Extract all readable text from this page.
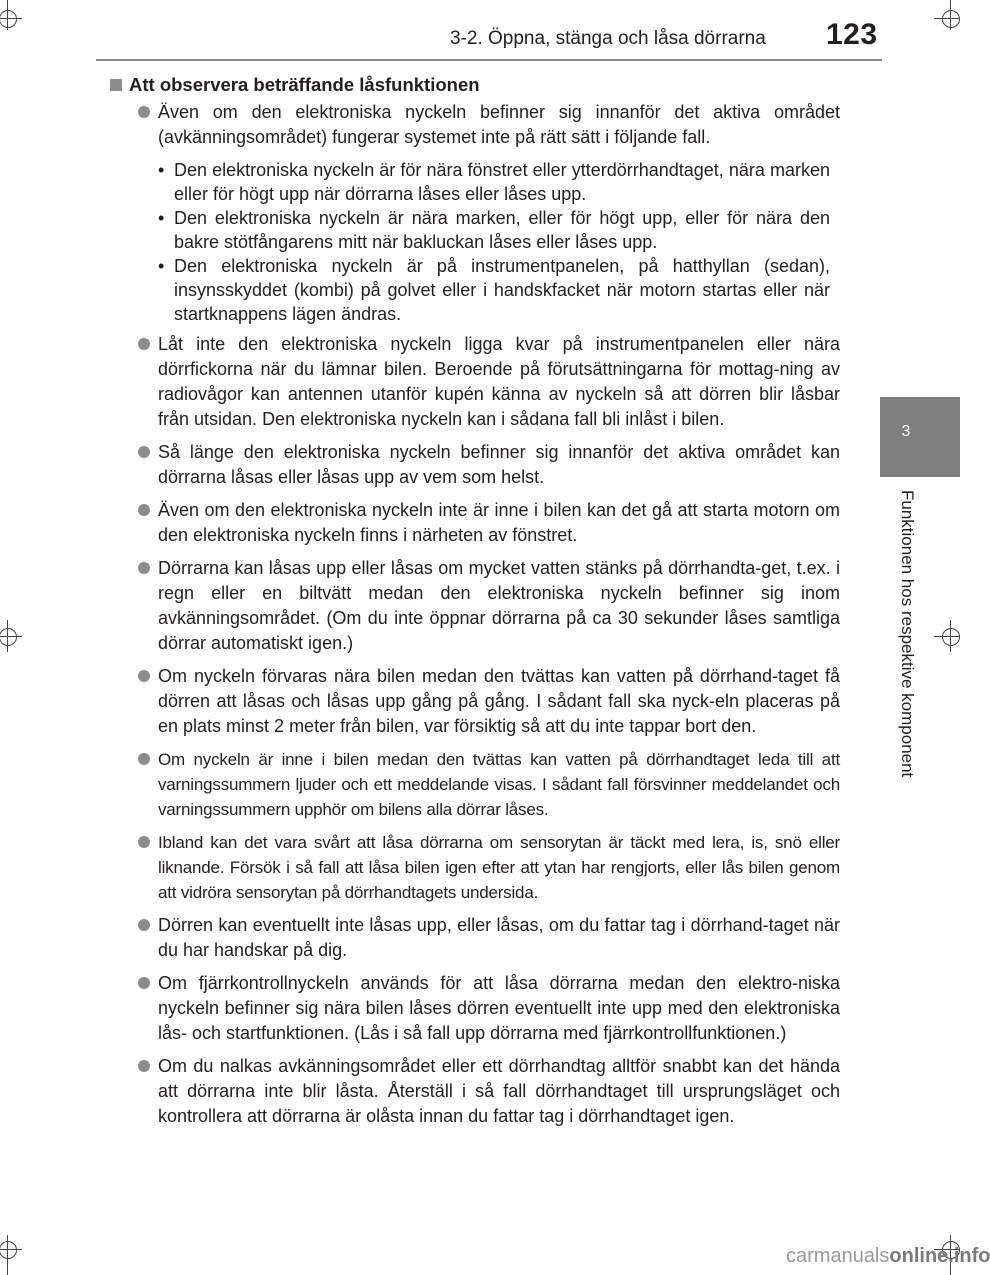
3-2. Öppna, stänga och låsa dörrarna 123
3
Funktionen hos respektive komponent
Att observera beträffande låsfunktionen
Även om den elektroniska nyckeln befinner sig innanför det aktiva området (avkänningsområdet) fungerar systemet inte på rätt sätt i följande fall.
• Den elektroniska nyckeln är för nära fönstret eller ytterdörrhandtaget, nära marken eller för högt upp när dörrarna låses eller låses upp.
• Den elektroniska nyckeln är nära marken, eller för högt upp, eller för nära den bakre stötfångarens mitt när bakluckan låses eller låses upp.
• Den elektroniska nyckeln är på instrumentpanelen, på hatthyllan (sedan), insynsskyddet (kombi) på golvet eller i handskfacket när motorn startas eller när startknappens lägen ändras.
Låt inte den elektroniska nyckeln ligga kvar på instrumentpanelen eller nära dörrfickorna när du lämnar bilen. Beroende på förutsättningarna för mottag-ning av radiovågor kan antennen utanför kupén känna av nyckeln så att dörren blir låsbar från utsidan. Den elektroniska nyckeln kan i sådana fall bli inlåst i bilen.
Så länge den elektroniska nyckeln befinner sig innanför det aktiva området kan dörrarna låsas eller låsas upp av vem som helst.
Även om den elektroniska nyckeln inte är inne i bilen kan det gå att starta motorn om den elektroniska nyckeln finns i närheten av fönstret.
Dörrarna kan låsas upp eller låsas om mycket vatten stänks på dörrhandta-get, t.ex. i regn eller en biltvätt medan den elektroniska nyckeln befinner sig inom avkänningsområdet. (Om du inte öppnar dörrarna på ca 30 sekunder låses samtliga dörrar automatiskt igen.)
Om nyckeln förvaras nära bilen medan den tvättas kan vatten på dörrhand-taget få dörren att låsas och låsas upp gång på gång. I sådant fall ska nyck-eln placeras på en plats minst 2 meter från bilen, var försiktig så att du inte tappar bort den.
Om nyckeln är inne i bilen medan den tvättas kan vatten på dörrhandtaget leda till att varningssummern ljuder och ett meddelande visas. I sådant fall försvinner meddelandet och varningssummern upphör om bilens alla dörrar låses.
Ibland kan det vara svårt att låsa dörrarna om sensorytan är täckt med lera, is, snö eller liknande. Försök i så fall att låsa bilen igen efter att ytan har rengjorts, eller lås bilen genom att vidröra sensorytan på dörrhandtagets undersida.
Dörren kan eventuellt inte låsas upp, eller låsas, om du fattar tag i dörrhand-taget när du har handskar på dig.
Om fjärrkontrollnyckeln används för att låsa dörrarna medan den elektro-niska nyckeln befinner sig nära bilen låses dörren eventuellt inte upp med den elektroniska lås- och startfunktionen. (Lås i så fall upp dörrarna med fjärrkontrollfunktionen.)
Om du nalkas avkänningsområdet eller ett dörrhandtag alltför snabbt kan det hända att dörrarna inte blir låsta. Återställ i så fall dörrhandtaget till ursprungsläget och kontrollera att dörrarna är olåsta innan du fattar tag i dörrhandtaget igen.
carmanualsonline.info
